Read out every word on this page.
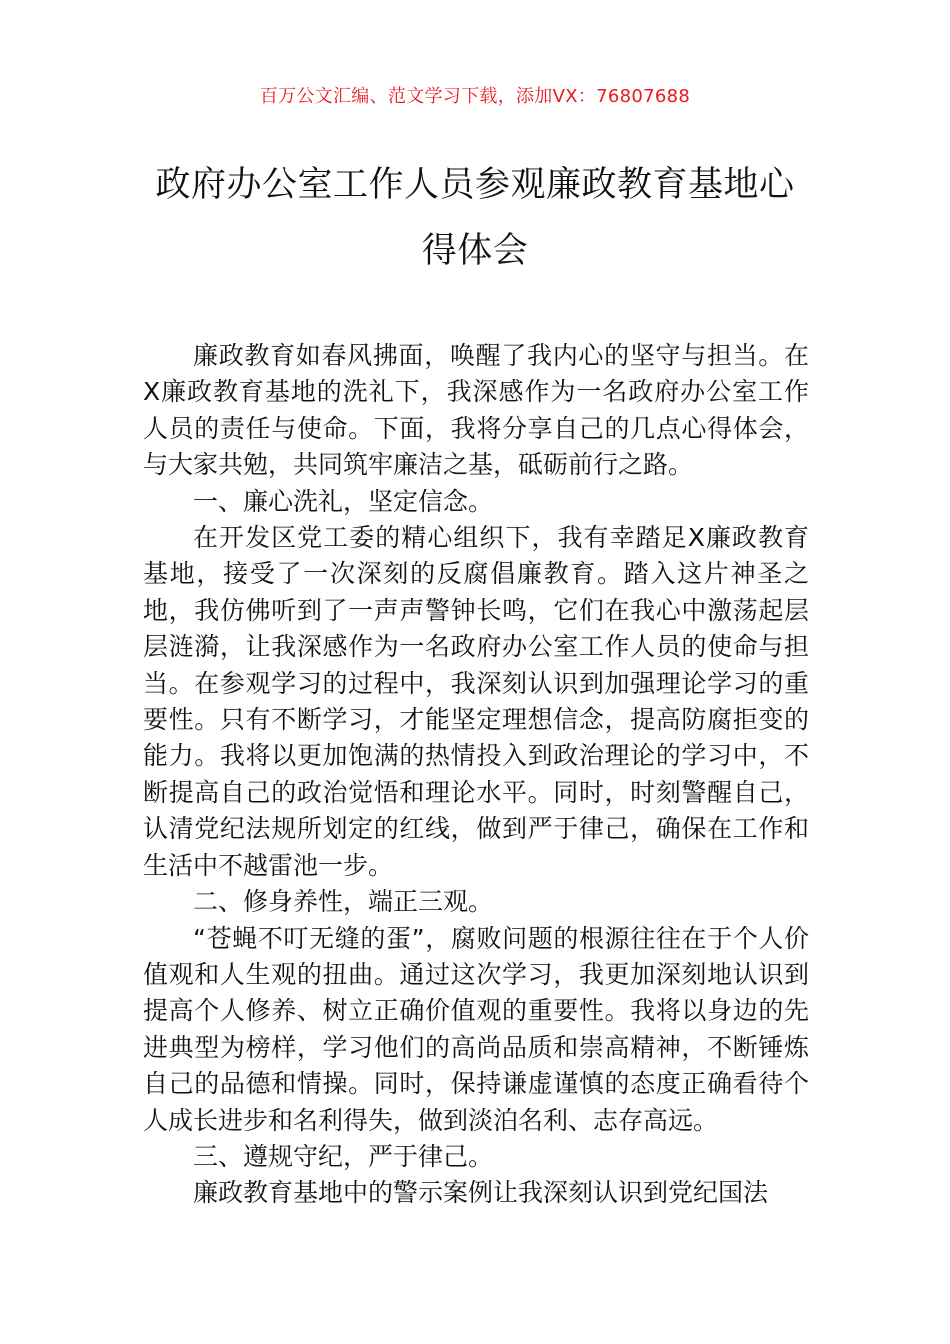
百万公文汇编、范文学习下载，添加VX：76807688
政府办公室工作人员参观廉政教育基地心得体会

廉政教育如春风拂面，唤醒了我内心的坚守与担当。在X廉政教育基地的洗礼下，我深感作为一名政府办公室工作人员的责任与使命。下面，我将分享自己的几点心得体会，与大家共勉，共同筑牢廉洁之基，砥砺前行之路。

一、廉心洗礼，坚定信念。

在开发区党工委的精心组织下，我有幸踏足X廉政教育基地，接受了一次深刻的反腐倡廉教育。踏入这片神圣之地，我仿佛听到了一声声警钟长鸣，它们在我心中激荡起层层涟漪，让我深感作为一名政府办公室工作人员的使命与担当。在参观学习的过程中，我深刻认识到加强理论学习的重要性。只有不断学习，才能坚定理想信念，提高防腐拒变的能力。我将以更加饱满的热情投入到政治理论的学习中，不断提高自己的政治觉悟和理论水平。同时，时刻警醒自己，认清党纪法规所划定的红线，做到严于律己，确保在工作和生活中不越雷池一步。

二、修身养性，端正三观。

“苍蝇不叮无缝的蛋”，腐败问题的根源往往在于个人价值观和人生观的扭曲。通过这次学习，我更加深刻地认识到提高个人修养、树立正确价值观的重要性。我将以身边的先进典型为榜样，学习他们的高尚品质和崇高精神，不断锤炼自己的品德和情操。同时，保持谦虚谨慎的态度正确看待个人成长进步和名利得失，做到淡泊名利、志存高远。

三、遵规守纪，严于律己。

廉政教育基地中的警示案例让我深刻认识到党纪国法
